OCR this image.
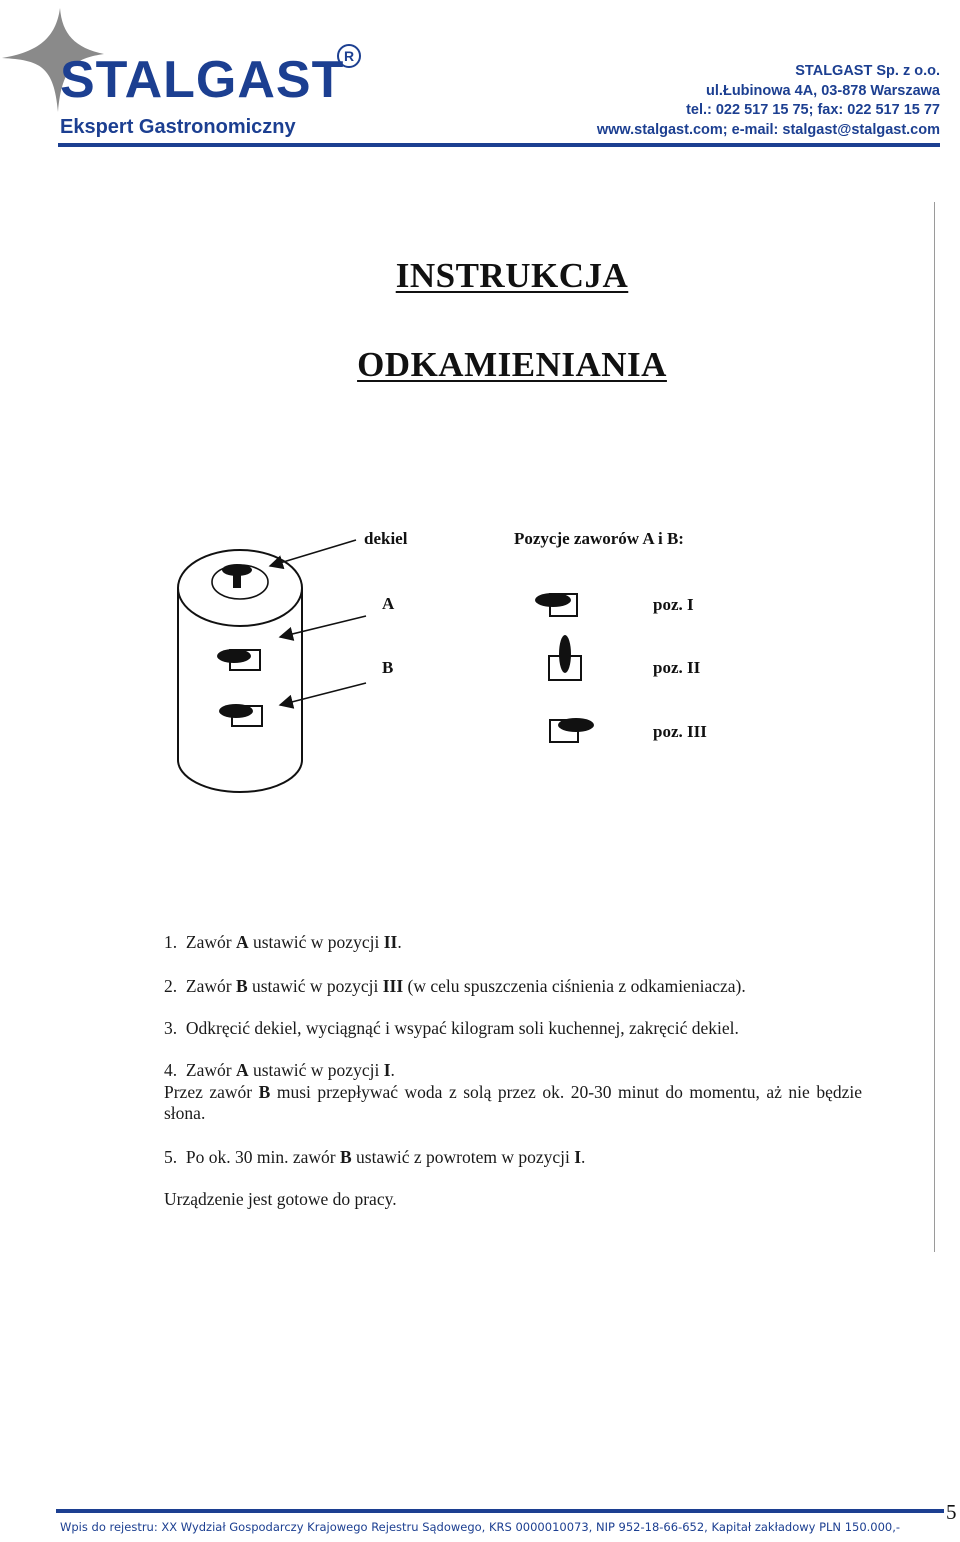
STALGAST R
Ekspert Gastronomiczny
STALGAST Sp. z o.o.
ul.Łubinowa 4A, 03-878 Warszawa
tel.: 022 517 15 75; fax: 022 517 15 77
www.stalgast.com; e-mail: stalgast@stalgast.com
INSTRUKCJA
ODKAMIENIANIA
dekiel
A
B
Pozycje zaworów A i B:
poz. I
poz. II
poz. III
1. Zawór A ustawić w pozycji II.
2. Zawór B ustawić w pozycji III (w celu spuszczenia ciśnienia z odkamieniacza).
3. Odkręcić dekiel, wyciągnąć i wsypać kilogram soli kuchennej, zakręcić dekiel.
4. Zawór A ustawić w pozycji I.
Przez zawór B musi przepływać woda z solą przez ok. 20-30 minut do momentu, aż nie będzie słona.
5. Po ok. 30 min. zawór B ustawić z powrotem w pozycji I.
Urządzenie jest gotowe do pracy.
Wpis do rejestru: XX Wydział Gospodarczy Krajowego Rejestru Sądowego, KRS 0000010073, NIP 952-18-66-652, Kapitał zakładowy PLN 150.000,-
5
